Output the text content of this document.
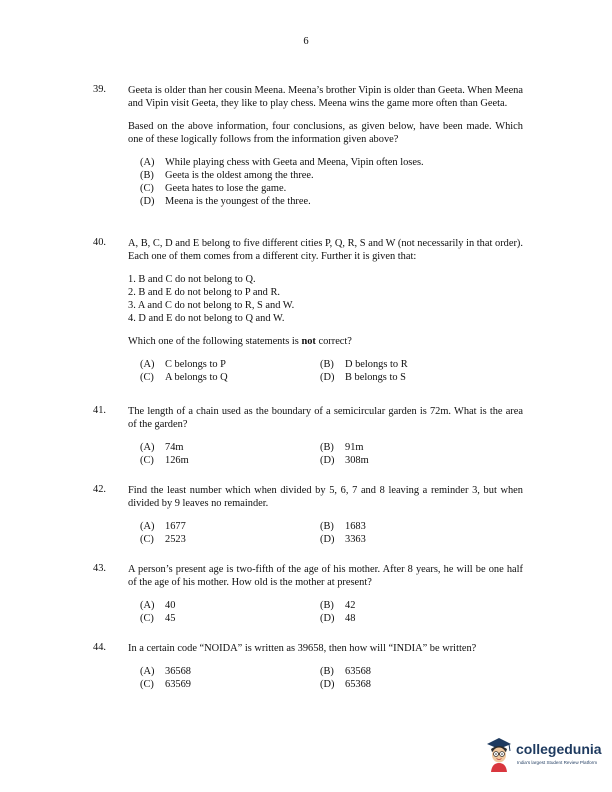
6
39.	Geeta is older than her cousin Meena. Meena’s brother Vipin is older than Geeta. When Meena and Vipin visit Geeta, they like to play chess. Meena wins the game more often than Geeta.

Based on the above information, four conclusions, as given below, have been made. Which one of these logically follows from the information given above?

(A)	While playing chess with Geeta and Meena, Vipin often loses.
(B)	Geeta is the oldest among the three.
(C)	Geeta hates to lose the game.
(D)	Meena is the youngest of the three.
40.	A, B, C, D and E belong to five different cities P, Q, R, S and W (not necessarily in that order). Each one of them comes from a different city. Further it is given that:

1. B and C do not belong to Q.
2. B and E do not belong to P and R.
3. A and C do not belong to R, S and W.
4. D and E do not belong to Q and W.

Which one of the following statements is not correct?

(A)	C belongs to P	(B)	D belongs to R
(C)	A belongs to Q	(D)	B belongs to S
41.	The length of a chain used as the boundary of a semicircular garden is 72m. What is the area of the garden?

(A)	74m	(B)	91m
(C)	126m	(D)	308m
42.	Find the least number which when divided by 5, 6, 7 and 8 leaving a reminder 3, but when divided by 9 leaves no remainder.

(A)	1677	(B)	1683
(C)	2523	(D)	3363
43.	A person’s present age is two-fifth of the age of his mother. After 8 years, he will be one half of the age of his mother. How old is the mother at present?

(A)	40	(B)	42
(C)	45	(D)	48
44.	In a certain code “NOIDA” is written as 39658, then how will “INDIA” be written?

(A)	36568	(B)	63568
(C)	63569	(D)	65368
collegedunia
India's largest Student Review Platform
